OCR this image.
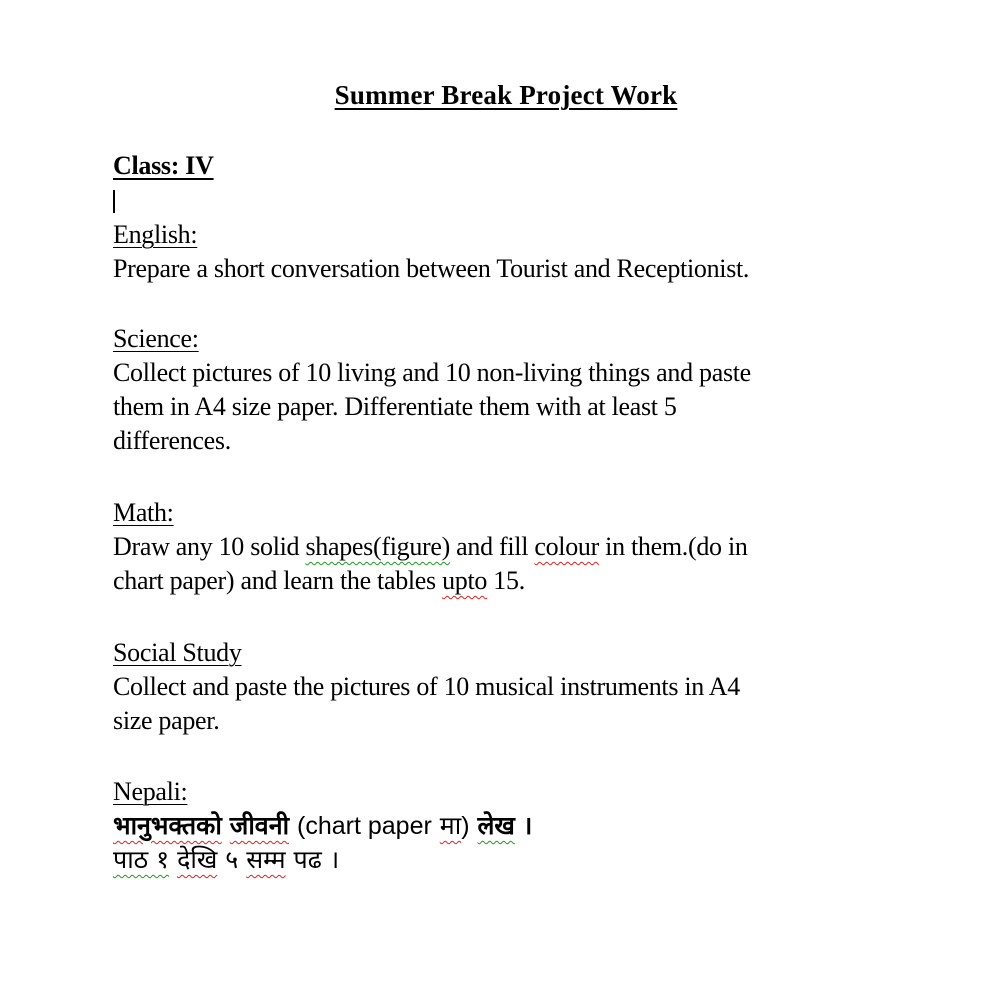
Summer Break Project Work
Class: IV
English:
Prepare a short conversation between Tourist and Receptionist.
Science:
Collect pictures of 10 living and 10 non-living things and paste
them in A4 size paper. Differentiate them with at least 5
differences.
Math:
Draw any 10 solid shapes(figure) and fill colour in them.(do in
chart paper) and learn the tables upto 15.
Social Study
Collect and paste the pictures of 10 musical instruments in A4
size paper.
Nepali:
भानुभक्तको जीवनी (chart paper मा) लेख ।
पाठ १ देखि ५ सम्म पढ ।
